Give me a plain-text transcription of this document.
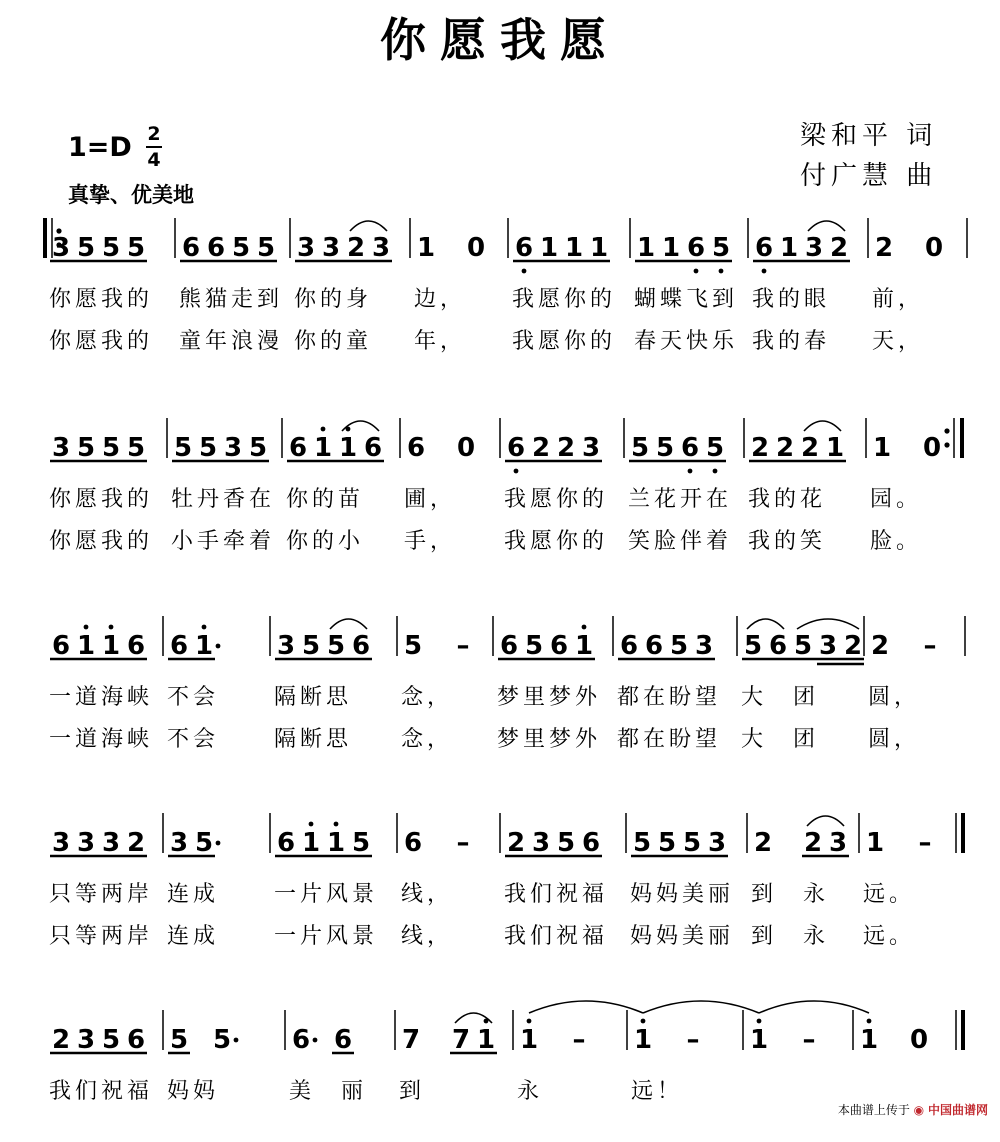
你愿我愿
$1=D \frac{2}{4}$
真挚、优美地
梁和平 词
付广慧 曲
3 5 5 5 6 6 5 5 3 3 2 3 1 0 6 1 1 1 1 1 6 5 6 1 3 2 2 0
你愿我的 熊猫走到 你的身 边， 我愿你的 蝴蝶飞到 我的眼 前，
你愿我的 童年浪漫 你的童 年， 我愿你的 春天快乐 我的春 天，
3 5 5 5 5 5 3 5 6 1 1 6 6 0 6 2 2 3 5 5 6 5 2 2 2 1 1 0
你愿我的 牡丹香在 你的苗 圃， 我愿你的 兰花开在 我的花 园。
你愿我的 小手牵着 你的小 手， 我愿你的 笑脸伴着 我的笑 脸。
6 1 1 6 6 1 3 5 5 6 5 – 6 5 6 1 6 6 5 3 5 6 5 3 2 2 –
一道海峡 不会 隔断思 念， 梦里梦外 都在盼望 大　团 圆，
一道海峡 不会 隔断思 念， 梦里梦外 都在盼望 大　团 圆，
3 3 3 2 3 5 6 1 1 5 6 – 2 3 5 6 5 5 5 3 2 2 3 1 –
只等两岸 连成 一片风景 线， 我们祝福 妈妈美丽 到　永 远。
只等两岸 连成 一片风景 线， 我们祝福 妈妈美丽 到　永 远。
2 3 5 6 5 5 6 6 7 7 1 1 – 1 – 1 – 1 0
我们祝福 妈妈	美　丽 到	永	远！
本曲谱上传于 ◉ 中国曲谱网
